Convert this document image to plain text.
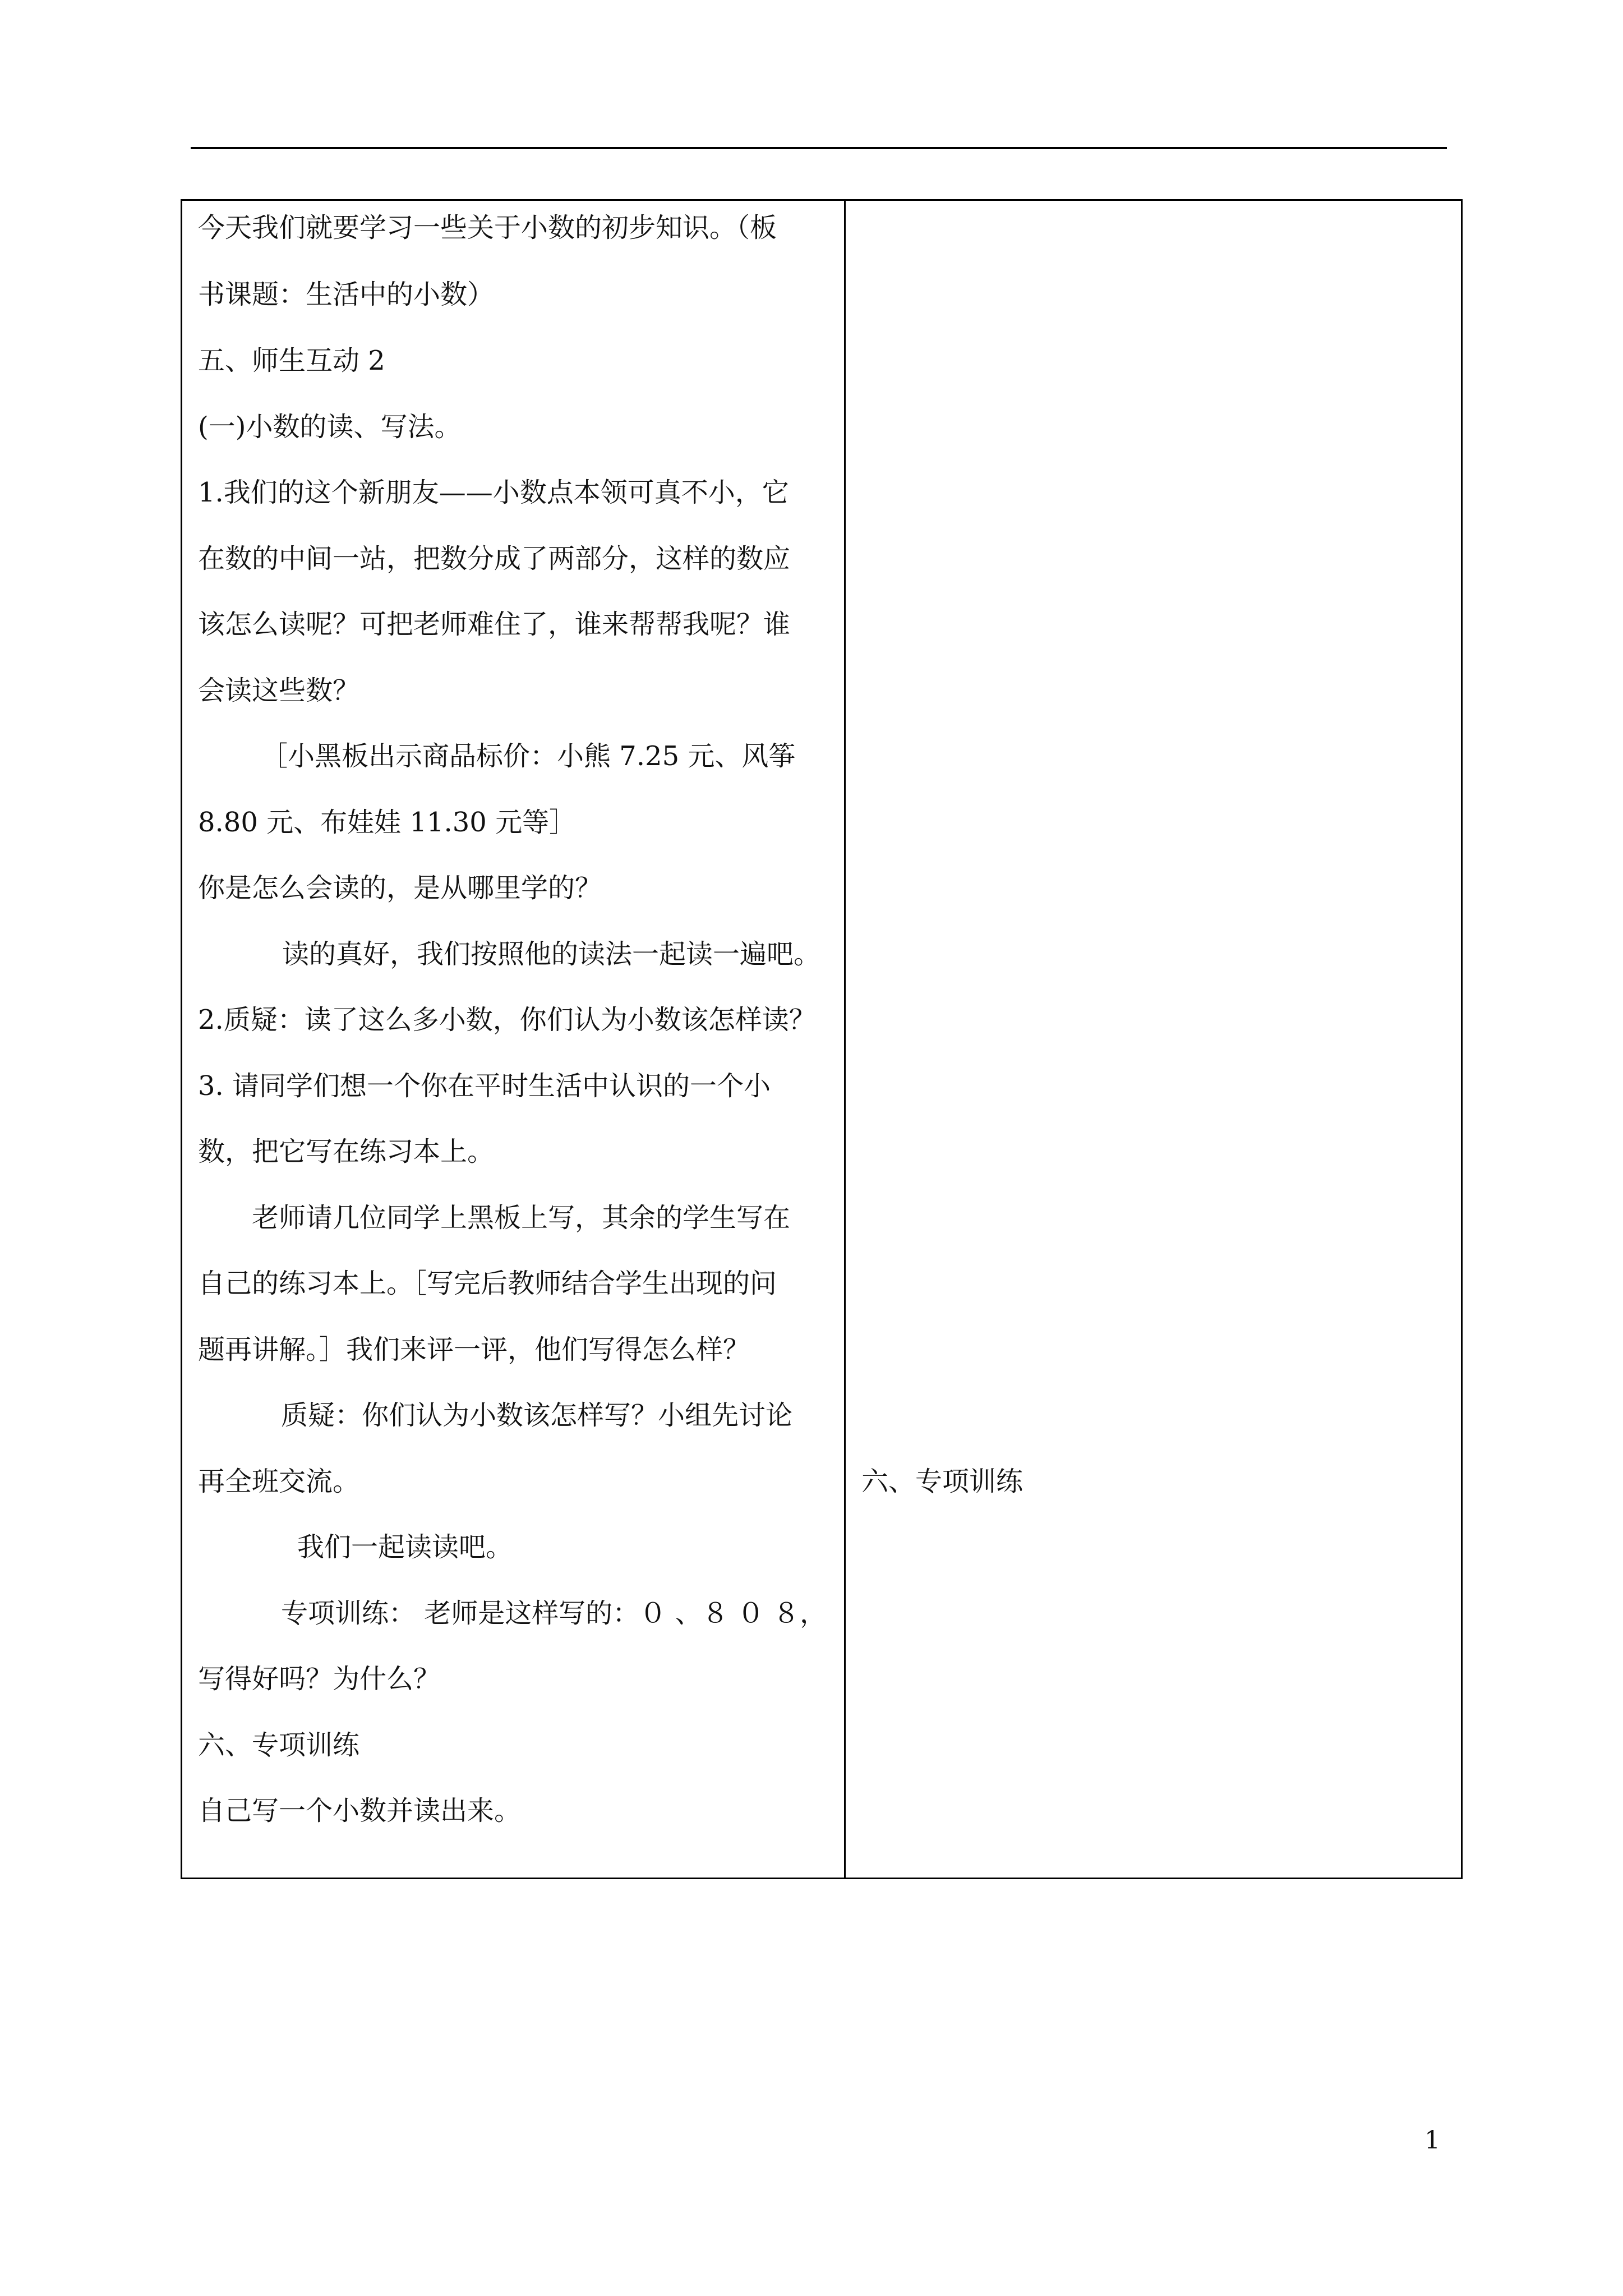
今天我们就要学习一些关于小数的初步知识。（板
书课题：生活中的小数）
五、师生互动 2
(一)小数的读、写法。
1.我们的这个新朋友——小数点本领可真不小，它
在数的中间一站，把数分成了两部分，这样的数应
该怎么读呢？可把老师难住了，谁来帮帮我呢？谁
会读这些数？
［小黑板出示商品标价：小熊 7.25 元、风筝
8.80 元、布娃娃 11.30 元等］
你是怎么会读的，是从哪里学的？
读的真好，我们按照他的读法一起读一遍吧。
2.质疑：读了这么多小数，你们认为小数该怎样读？
3. 请同学们想一个你在平时生活中认识的一个小
数，把它写在练习本上。
老师请几位同学上黑板上写，其余的学生写在
自己的练习本上。［写完后教师结合学生出现的问
题再讲解。］我们来评一评，他们写得怎么样？
质疑：你们认为小数该怎样写？小组先讨论
再全班交流。
我们一起读读吧。
专项训练： 老师是这样写的：０ 、８ ０ ８，
写得好吗？为什么？
六、专项训练
自己写一个小数并读出来。
六、专项训练
1
